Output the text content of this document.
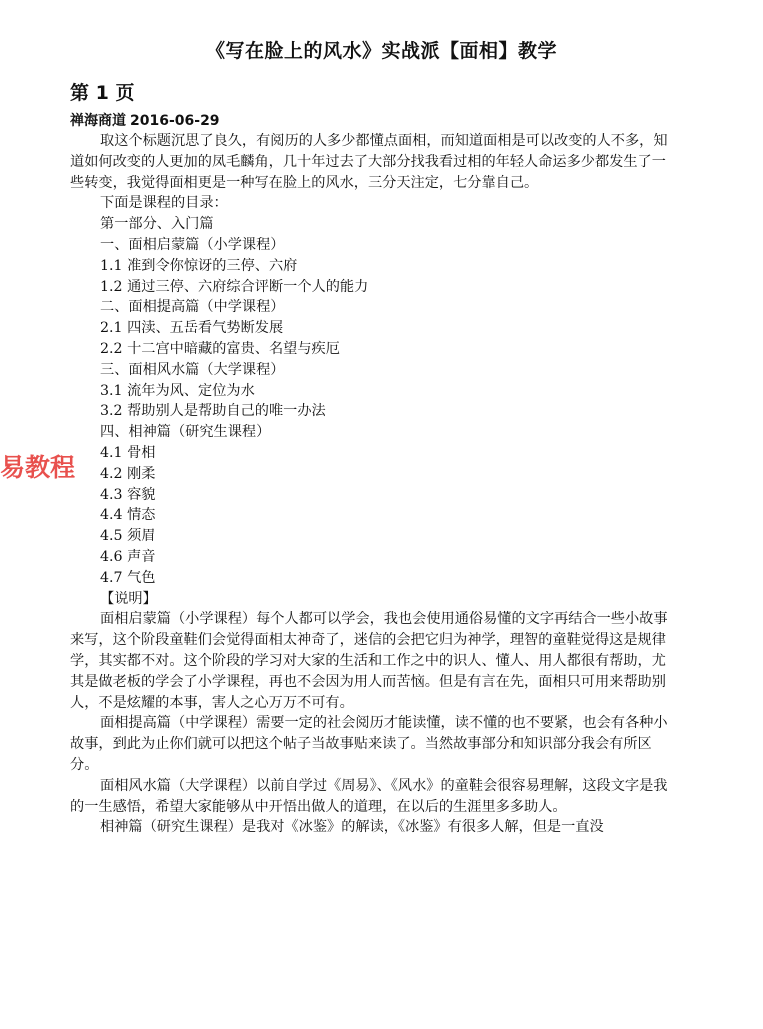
《写在脸上的风水》实战派【面相】教学
第 1 页
禅海商道 2016-06-29

取这个标题沉思了良久，有阅历的人多少都懂点面相，而知道面相是可以改变的人不多，知道如何改变的人更加的凤毛麟角，几十年过去了大部分找我看过相的年轻人命运多少都发生了一些转变，我觉得面相更是一种写在脸上的风水，三分天注定，七分靠自己。

下面是课程的目录：

第一部分、入门篇

一、面相启蒙篇（小学课程）

1.1 准到令你惊讶的三停、六府

1.2 通过三停、六府综合评断一个人的能力

二、面相提高篇（中学课程）

2.1 四渎、五岳看气势断发展

2.2 十二宫中暗藏的富贵、名望与疾厄

三、面相风水篇（大学课程）

3.1 流年为风、定位为水

3.2 帮助别人是帮助自己的唯一办法

四、相神篇（研究生课程）

4.1 骨相

4.2 刚柔

4.3 容貌

4.4 情态

4.5 须眉

4.6 声音

4.7 气色

【说明】

面相启蒙篇（小学课程）每个人都可以学会，我也会使用通俗易懂的文字再结合一些小故事来写，这个阶段童鞋们会觉得面相太神奇了，迷信的会把它归为神学，理智的童鞋觉得这是规律学，其实都不对。这个阶段的学习对大家的生活和工作之中的识人、懂人、用人都很有帮助，尤其是做老板的学会了小学课程，再也不会因为用人而苦恼。但是有言在先，面相只可用来帮助别人，不是炫耀的本事，害人之心万万不可有。

面相提高篇（中学课程）需要一定的社会阅历才能读懂，读不懂的也不要紧，也会有各种小故事，到此为止你们就可以把这个帖子当故事贴来读了。当然故事部分和知识部分我会有所区分。

面相风水篇（大学课程）以前自学过《周易》、《风水》的童鞋会很容易理解，这段文字是我的一生感悟，希望大家能够从中开悟出做人的道理，在以后的生涯里多多助人。

相神篇（研究生课程）是我对《冰鉴》的解读，《冰鉴》有很多人解，但是一直没

易教程
